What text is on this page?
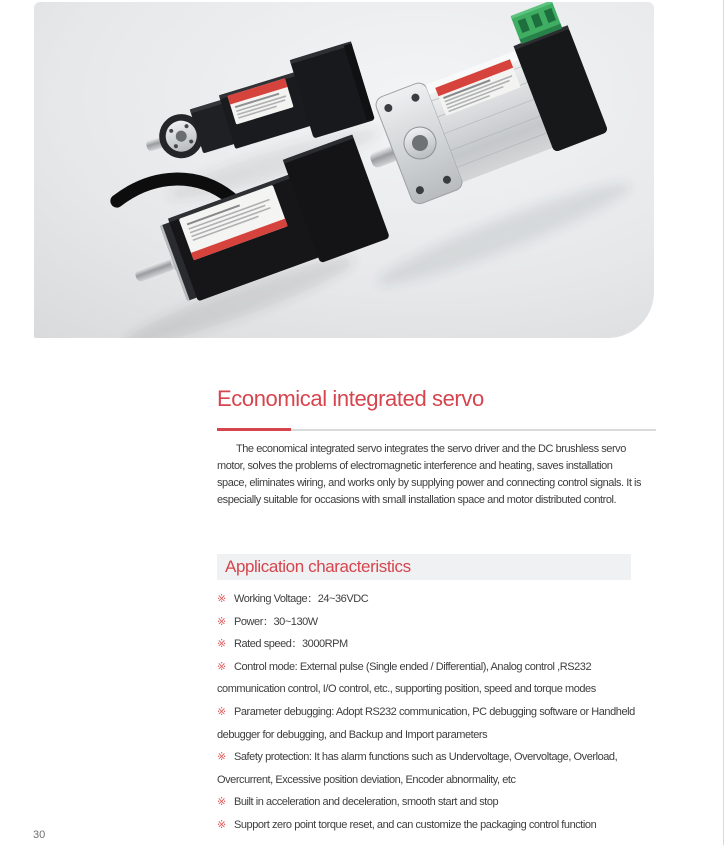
Economical integrated servo
The economical integrated servo integrates the servo driver and the DC brushless servo
motor, solves the problems of electromagnetic interference and heating, saves installation
space, eliminates wiring, and works only by supplying power and connecting control signals. It is
especially suitable for occasions with small installation space and motor distributed control.
Application characteristics
※ Working Voltage：24~36VDC
※ Power：30~130W
※ Rated speed：3000RPM
※ Control mode: External pulse (Single ended / Differential), Analog control ,RS232
communication control, I/O control, etc., supporting position, speed and torque modes
※ Parameter debugging: Adopt RS232 communication, PC debugging software or Handheld
debugger for debugging, and Backup and Import parameters
※ Safety protection: It has alarm functions such as Undervoltage, Overvoltage, Overload,
Overcurrent, Excessive position deviation, Encoder abnormality, etc
※ Built in acceleration and deceleration, smooth start and stop
※ Support zero point torque reset, and can customize the packaging control function
30
